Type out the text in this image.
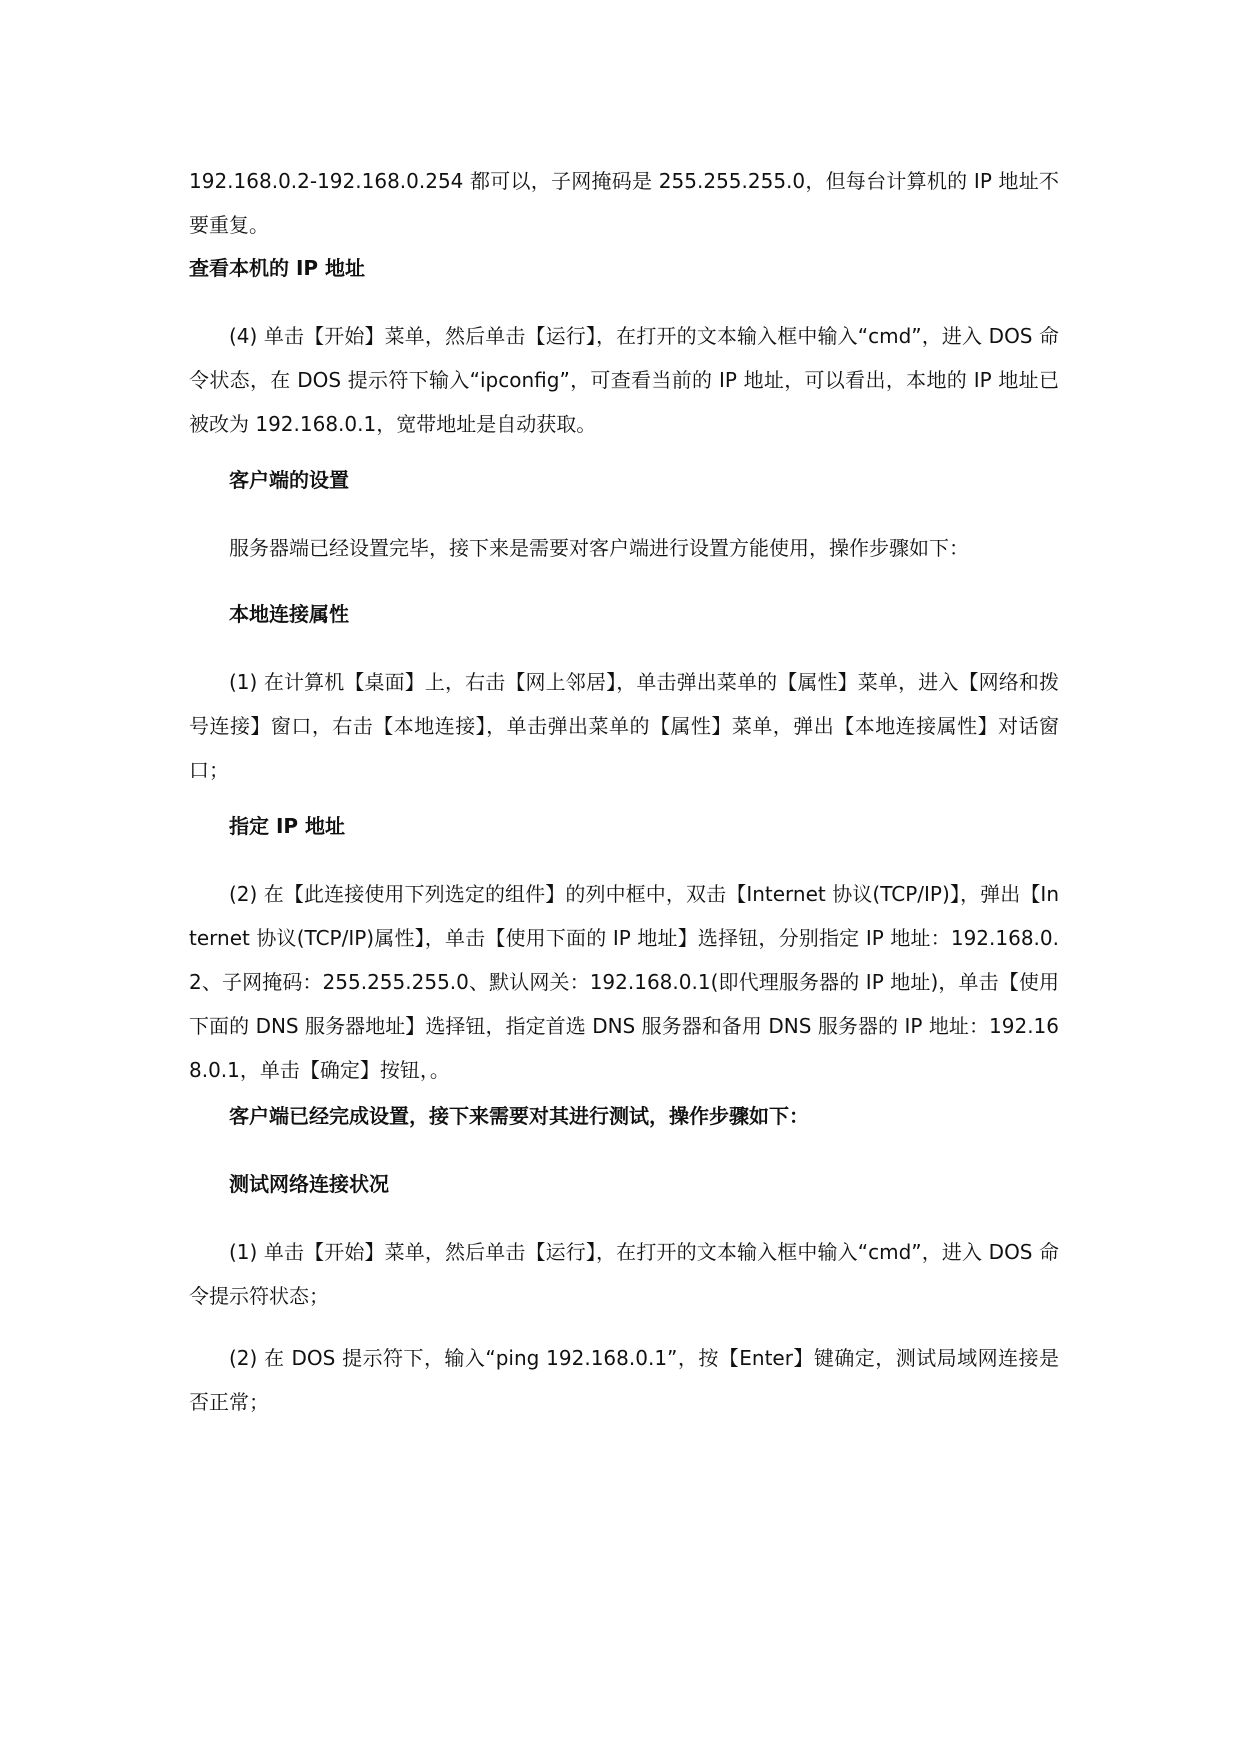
192.168.0.2-192.168.0.254 都可以，子网掩码是 255.255.255.0，但每台计算机的 IP 地址不要重复。

查看本机的 IP 地址

(4) 单击【开始】菜单，然后单击【运行】，在打开的文本输入框中输入“cmd”，进入 DOS 命令状态，在 DOS 提示符下输入“ipconfig”，可查看当前的 IP 地址，可以看出，本地的 IP 地址已被改为 192.168.0.1，宽带地址是自动获取。

客户端的设置

服务器端已经设置完毕，接下来是需要对客户端进行设置方能使用，操作步骤如下：

本地连接属性

(1) 在计算机【桌面】上，右击【网上邻居】，单击弹出菜单的【属性】菜单，进入【网络和拨号连接】窗口，右击【本地连接】，单击弹出菜单的【属性】菜单，弹出【本地连接属性】对话窗口；

指定 IP 地址

(2) 在【此连接使用下列选定的组件】的列中框中，双击【Internet 协议(TCP/IP)】，弹出【Internet 协议(TCP/IP)属性】，单击【使用下面的 IP 地址】选择钮，分别指定 IP 地址：192.168.0.2、子网掩码：255.255.255.0、默认网关：192.168.0.1(即代理服务器的 IP 地址)，单击【使用下面的 DNS 服务器地址】选择钮，指定首选 DNS 服务器和备用 DNS 服务器的 IP 地址：192.168.0.1，单击【确定】按钮，。

客户端已经完成设置，接下来需要对其进行测试，操作步骤如下：

测试网络连接状况

(1) 单击【开始】菜单，然后单击【运行】，在打开的文本输入框中输入“cmd”，进入 DOS 命令提示符状态；

(2) 在 DOS 提示符下，输入“ping 192.168.0.1”，按【Enter】键确定，测试局域网连接是否正常；
